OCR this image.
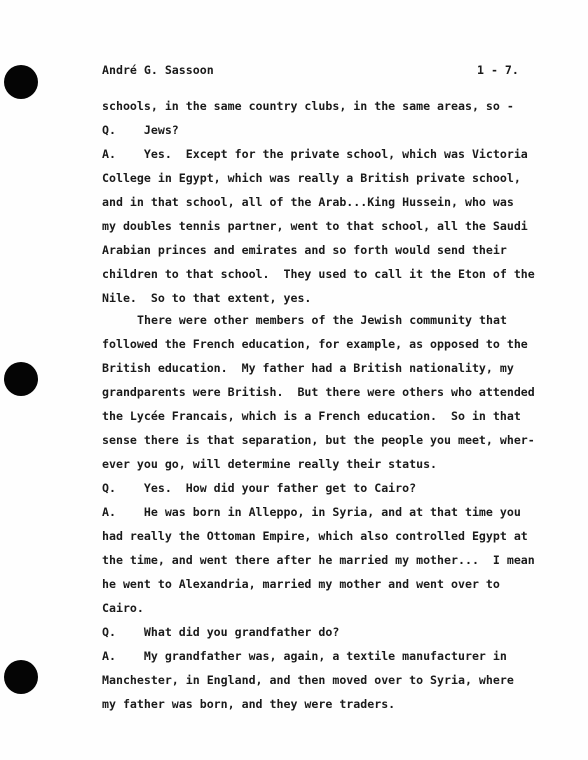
André G. Sassoon	1 - 7.
schools, in the same country clubs, in the same areas, so -
Q.    Jews?
A.    Yes.  Except for the private school, which was Victoria
College in Egypt, which was really a British private school,
and in that school, all of the Arab...King Hussein, who was
my doubles tennis partner, went to that school, all the Saudi
Arabian princes and emirates and so forth would send their
children to that school.  They used to call it the Eton of the
Nile.  So to that extent, yes.
There were other members of the Jewish community that
followed the French education, for example, as opposed to the
British education.  My father had a British nationality, my
grandparents were British.  But there were others who attended
the Lycée Francais, which is a French education.  So in that
sense there is that separation, but the people you meet, wher-
ever you go, will determine really their status.
Q.    Yes.  How did your father get to Cairo?
A.    He was born in Alleppo, in Syria, and at that time you
had really the Ottoman Empire, which also controlled Egypt at
the time, and went there after he married my mother...  I mean
he went to Alexandria, married my mother and went over to
Cairo.
Q.    What did you grandfather do?
A.    My grandfather was, again, a textile manufacturer in
Manchester, in England, and then moved over to Syria, where
my father was born, and they were traders.
